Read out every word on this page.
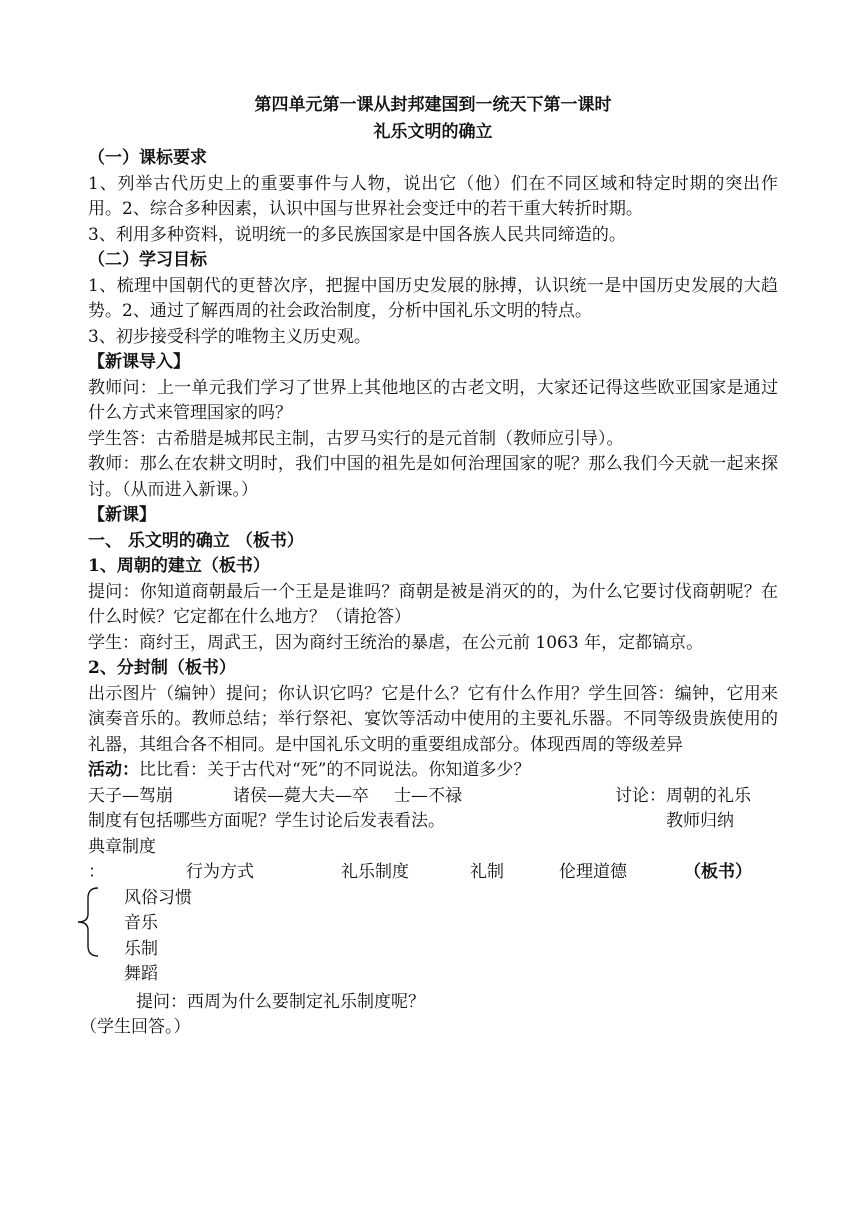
第四单元第一课从封邦建国到一统天下第一课时

礼乐文明的确立

（一）课标要求

1、列举古代历史上的重要事件与人物，说出它（他）们在不同区域和特定时期的突出作用。2、综合多种因素，认识中国与世界社会变迁中的若干重大转折时期。

3、利用多种资料，说明统一的多民族国家是中国各族人民共同缔造的。

（二）学习目标

1、梳理中国朝代的更替次序，把握中国历史发展的脉搏，认识统一是中国历史发展的大趋势。2、通过了解西周的社会政治制度，分析中国礼乐文明的特点。

3、初步接受科学的唯物主义历史观。

【新课导入】

教师问：上一单元我们学习了世界上其他地区的古老文明，大家还记得这些欧亚国家是通过什么方式来管理国家的吗？

学生答：古希腊是城邦民主制，古罗马实行的是元首制（教师应引导）。

教师：那么在农耕文明时，我们中国的祖先是如何治理国家的呢？那么我们今天就一起来探讨。（从而进入新课。）

【新课】

一、 乐文明的确立 （板书）

1、周朝的建立（板书）

提问：你知道商朝最后一个王是是谁吗？商朝是被是消灭的的，为什么它要讨伐商朝呢？在什么时候？它定都在什么地方？（请抢答）

学生：商纣王，周武王，因为商纣王统治的暴虐，在公元前 1063 年，定都镐京。

2、分封制（板书）

出示图片（编钟）提问；你认识它吗？它是什么？它有什么作用？学生回答：编钟，它用来演奏音乐的。教师总结；举行祭祀、宴饮等活动中使用的主要礼乐器。不同等级贵族使用的礼器，其组合各不相同。是中国礼乐文明的重要组成部分。体现西周的等级差异

活动：比比看：关于古代对“死”的不同说法。你知道多少？

天子—驾崩	诸侯—薨大夫—卒 士—不禄	讨论：周朝的礼乐
制度有包括哪些方面呢？学生讨论后发表看法。	教师归纳

典章制度

：	行为方式	礼乐制度	礼制	伦理道德	（板书）
风俗习惯
音乐
乐制
舞蹈

提问：西周为什么要制定礼乐制度呢？

（学生回答。）
